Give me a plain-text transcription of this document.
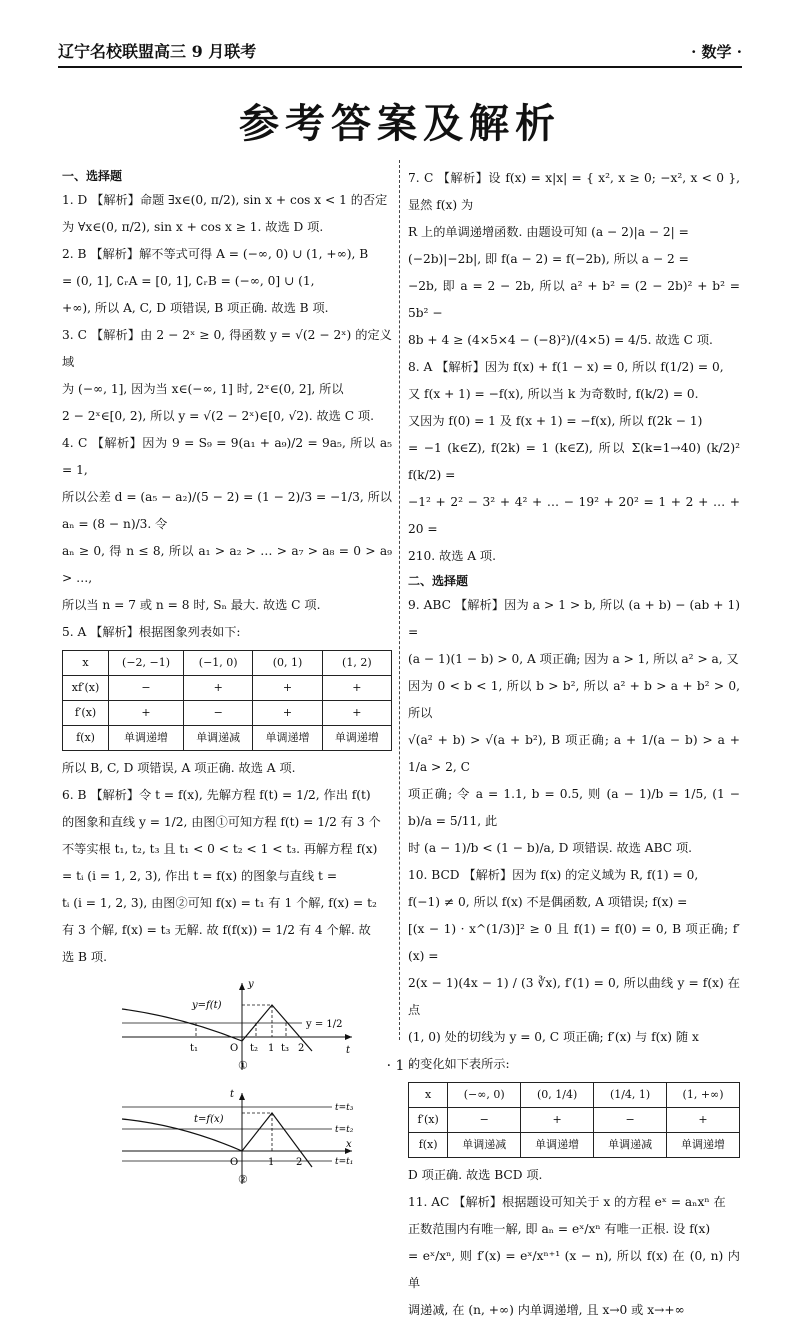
辽宁名校联盟高三 9 月联考	· 数学 ·
参考答案及解析
一、选择题
1. D 【解析】命题 ∃x∈(0, π/2), sin x + cos x < 1 的否定
为 ∀x∈(0, π/2), sin x + cos x ≥ 1. 故选 D 项.
2. B 【解析】解不等式可得 A = (−∞, 0) ∪ (1, +∞), B
= (0, 1], ∁ᵣA = [0, 1], ∁ᵣB = (−∞, 0] ∪ (1,
+∞), 所以 A, C, D 项错误, B 项正确. 故选 B 项.
3. C 【解析】由 2 − 2ˣ ≥ 0, 得函数 y = √(2 − 2ˣ) 的定义域
为 (−∞, 1], 因为当 x∈(−∞, 1] 时, 2ˣ∈(0, 2], 所以
2 − 2ˣ∈[0, 2), 所以 y = √(2 − 2ˣ)∈[0, √2). 故选 C 项.
4. C 【解析】因为 9 = S₉ = 9(a₁ + a₉)/2 = 9a₅, 所以 a₅ = 1,
所以公差 d = (a₅ − a₂)/(5 − 2) = (1 − 2)/3 = −1/3, 所以 aₙ = (8 − n)/3. 令
aₙ ≥ 0, 得 n ≤ 8, 所以 a₁ > a₂ > … > a₇ > a₈ = 0 > a₉ > …,
所以当 n = 7 或 n = 8 时, Sₙ 最大. 故选 C 项.
5. A 【解析】根据图象列表如下:
x	(−2, −1)	(−1, 0)	(0, 1)	(1, 2)
xf′(x)	−	+	+	+
f′(x)	+	−	+	+
f(x)	单调递增	单调递减	单调递增	单调递增
所以 B, C, D 项错误, A 项正确. 故选 A 项.
6. B 【解析】令 t = f(x), 先解方程 f(t) = 1/2, 作出 f(t)
的图象和直线 y = 1/2, 由图①可知方程 f(t) = 1/2 有 3 个
不等实根 t₁, t₂, t₃ 且 t₁ < 0 < t₂ < 1 < t₃. 再解方程 f(x)
= tᵢ (i = 1, 2, 3), 作出 t = f(x) 的图象与直线 t =
tᵢ (i = 1, 2, 3), 由图②可知 f(x) = t₁ 有 1 个解, f(x) = t₂
有 3 个解, f(x) = t₃ 无解. 故 f(f(x)) = 1/2 有 4 个解. 故
选 B 项.
y
y=f(t)
y = 1/2
t
t₁	O t₂ 1 t₃ 2
①

t
t=f(x)
t=t₃
t=t₂
t=t₁
x
O	1 2
②
7. C 【解析】设 f(x) = x|x| = { x², x ≥ 0; −x², x < 0 }, 显然 f(x) 为
R 上的单调递增函数. 由题设可知 (a − 2)|a − 2| =
(−2b)|−2b|, 即 f(a − 2) = f(−2b), 所以 a − 2 =
−2b, 即 a = 2 − 2b, 所以 a² + b² = (2 − 2b)² + b² = 5b² −
8b + 4 ≥ (4×5×4 − (−8)²)/(4×5) = 4/5. 故选 C 项.
8. A 【解析】因为 f(x) + f(1 − x) = 0, 所以 f(1/2) = 0,
又 f(x + 1) = −f(x), 所以当 k 为奇数时, f(k/2) = 0.
又因为 f(0) = 1 及 f(x + 1) = −f(x), 所以 f(2k − 1)
= −1 (k∈Z), f(2k) = 1 (k∈Z), 所以 Σ(k=1→40) (k/2)² f(k/2) =
−1² + 2² − 3² + 4² + … − 19² + 20² = 1 + 2 + … + 20 =
210. 故选 A 项.
二、选择题
9. ABC 【解析】因为 a > 1 > b, 所以 (a + b) − (ab + 1) =
(a − 1)(1 − b) > 0, A 项正确; 因为 a > 1, 所以 a² > a, 又
因为 0 < b < 1, 所以 b > b², 所以 a² + b > a + b² > 0, 所以
√(a² + b) > √(a + b²), B 项正确; a + 1/(a − b) > a + 1/a > 2, C
项正确; 令 a = 1.1, b = 0.5, 则 (a − 1)/b = 1/5, (1 − b)/a = 5/11, 此
时 (a − 1)/b < (1 − b)/a, D 项错误. 故选 ABC 项.
10. BCD 【解析】因为 f(x) 的定义域为 R, f(1) = 0,
f(−1) ≠ 0, 所以 f(x) 不是偶函数, A 项错误; f(x) =
[(x − 1) · x^(1/3)]² ≥ 0 且 f(1) = f(0) = 0, B 项正确; f′(x) =
2(x − 1)(4x − 1) / (3 ∛x), f′(1) = 0, 所以曲线 y = f(x) 在点
(1, 0) 处的切线为 y = 0, C 项正确; f′(x) 与 f(x) 随 x
的变化如下表所示:
x	(−∞, 0)	(0, 1/4)	(1/4, 1)	(1, +∞)
f′(x)	−	+	−	+
f(x)	单调递减	单调递增	单调递减	单调递增
D 项正确. 故选 BCD 项.
11. AC 【解析】根据题设可知关于 x 的方程 eˣ = aₙxⁿ 在
正数范围内有唯一解, 即 aₙ = eˣ/xⁿ 有唯一正根. 设 f(x)
= eˣ/xⁿ, 则 f′(x) = eˣ/xⁿ⁺¹ (x − n), 所以 f(x) 在 (0, n) 内单
调递减, 在 (n, +∞) 内单调递增, 且 x→0 或 x→+∞
· 1 ·
